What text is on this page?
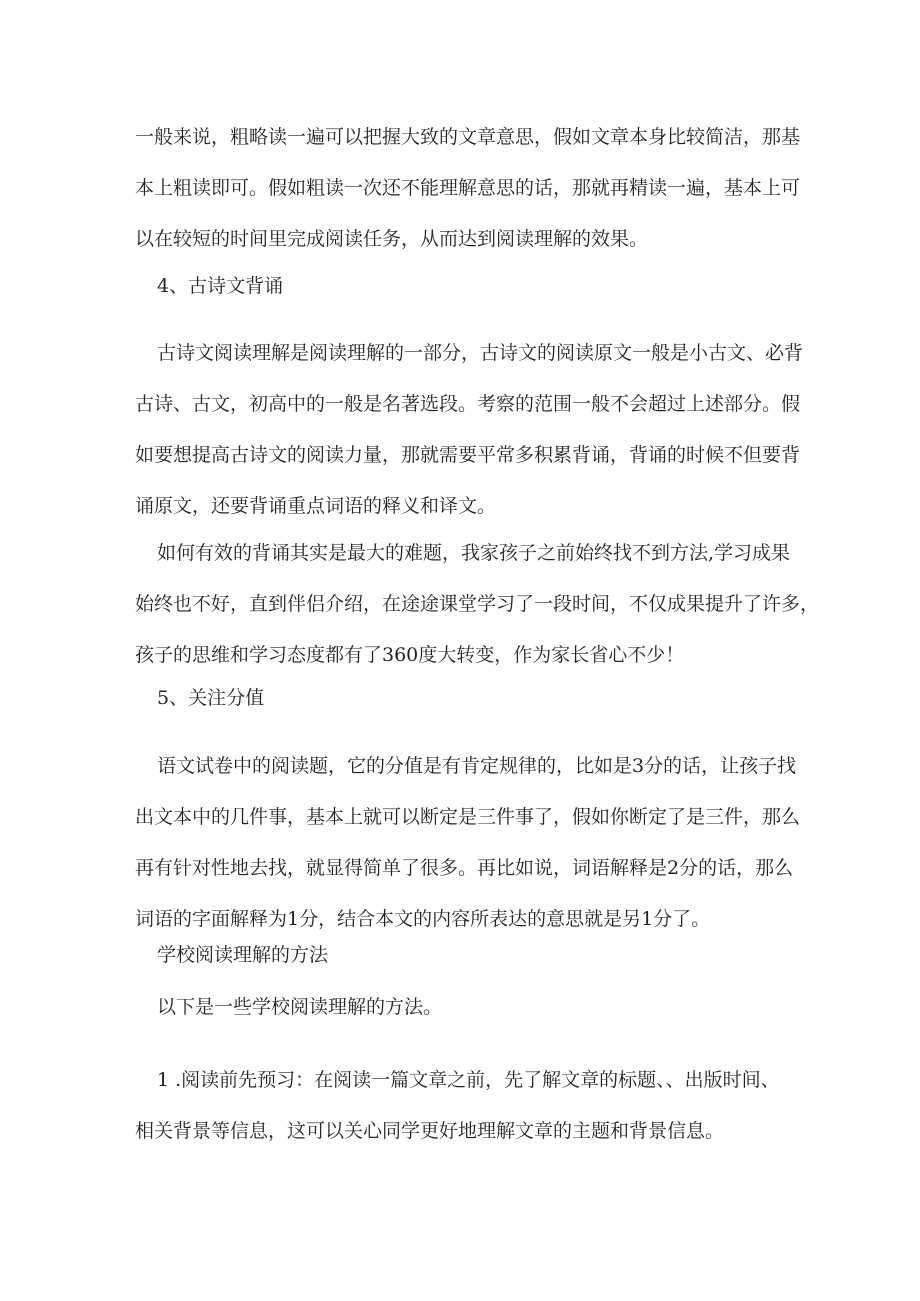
一般来说，粗略读一遍可以把握大致的文章意思，假如文章本身比较简洁，那基
本上粗读即可。假如粗读一次还不能理解意思的话，那就再精读一遍，基本上可
以在较短的时间里完成阅读任务，从而达到阅读理解的效果。
4、古诗文背诵
古诗文阅读理解是阅读理解的一部分，古诗文的阅读原文一般是小古文、必背
古诗、古文，初高中的一般是名著选段。考察的范围一般不会超过上述部分。假
如要想提高古诗文的阅读力量，那就需要平常多积累背诵，背诵的时候不但要背
诵原文，还要背诵重点词语的释义和译文。
如何有效的背诵其实是最大的难题，我家孩子之前始终找不到方法,学习成果
始终也不好，直到伴侣介绍，在途途课堂学习了一段时间，不仅成果提升了许多，
孩子的思维和学习态度都有了360度大转变，作为家长省心不少！
5、关注分值
语文试卷中的阅读题，它的分值是有肯定规律的，比如是3分的话，让孩子找
出文本中的几件事，基本上就可以断定是三件事了，假如你断定了是三件，那么
再有针对性地去找，就显得简单了很多。再比如说，词语解释是2分的话，那么
词语的字面解释为1分，结合本文的内容所表达的意思就是另1分了。
学校阅读理解的方法
以下是一些学校阅读理解的方法。
1 .阅读前先预习：在阅读一篇文章之前，先了解文章的标题、、出版时间、
相关背景等信息，这可以关心同学更好地理解文章的主题和背景信息。
